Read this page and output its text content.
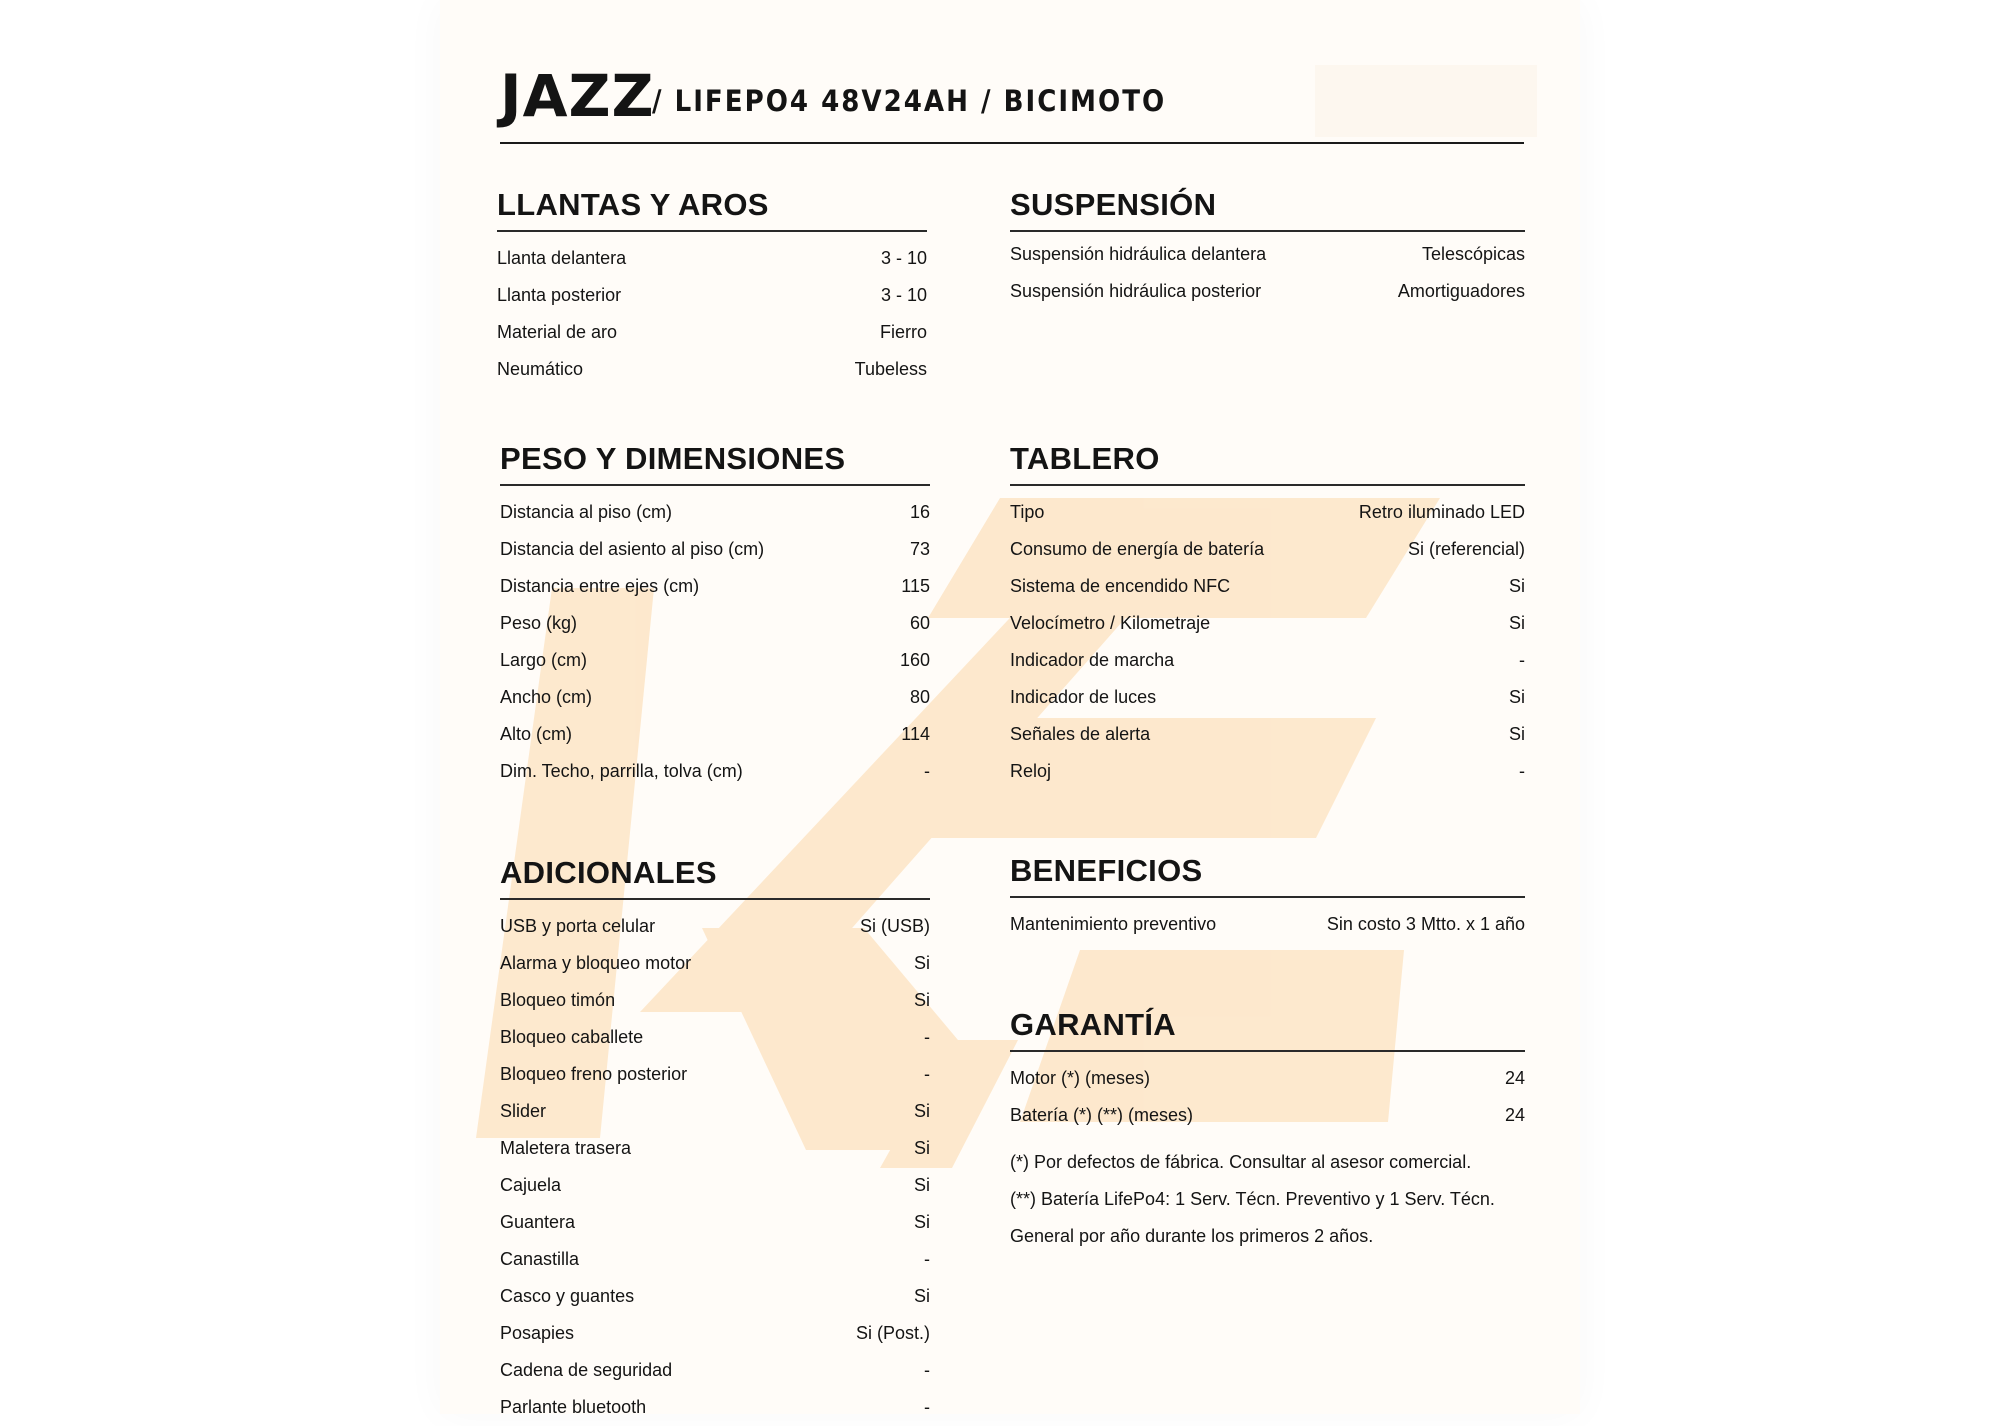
JAZZ
/ LIFEPO4 48V24AH / BICIMOTO
LLANTAS Y AROS
Llanta delantera	3 - 10
Llanta posterior	3 - 10
Material de aro	Fierro
Neumático	Tubeless
SUSPENSIÓN
Suspensión hidráulica delantera	Telescópicas
Suspensión hidráulica posterior	Amortiguadores
PESO Y DIMENSIONES
Distancia al piso (cm)	16
Distancia del asiento al piso (cm)	73
Distancia entre ejes (cm)	115
Peso (kg)	60
Largo (cm)	160
Ancho (cm)	80
Alto (cm)	114
Dim. Techo, parrilla, tolva (cm)	-
TABLERO
Tipo	Retro iluminado LED
Consumo de energía de batería	Si (referencial)
Sistema de encendido NFC	Si
Velocímetro / Kilometraje	Si
Indicador de marcha	-
Indicador de luces	Si
Señales de alerta	Si
Reloj	-
ADICIONALES
USB y porta celular	Si (USB)
Alarma y bloqueo motor	Si
Bloqueo timón	Si
Bloqueo caballete	-
Bloqueo freno posterior	-
Slider	Si
Maletera trasera	Si
Cajuela	Si
Guantera	Si
Canastilla	-
Casco y guantes	Si
Posapies	Si (Post.)
Cadena de seguridad	-
Parlante bluetooth	-
BENEFICIOS
Mantenimiento preventivo	Sin costo 3 Mtto. x 1 año
GARANTÍA
Motor (*) (meses)	24
Batería (*) (**) (meses)	24
(*) Por defectos de fábrica. Consultar al asesor comercial.
(**) Batería LifePo4: 1 Serv. Técn. Preventivo y 1 Serv. Técn.
General por año durante los primeros 2 años.
